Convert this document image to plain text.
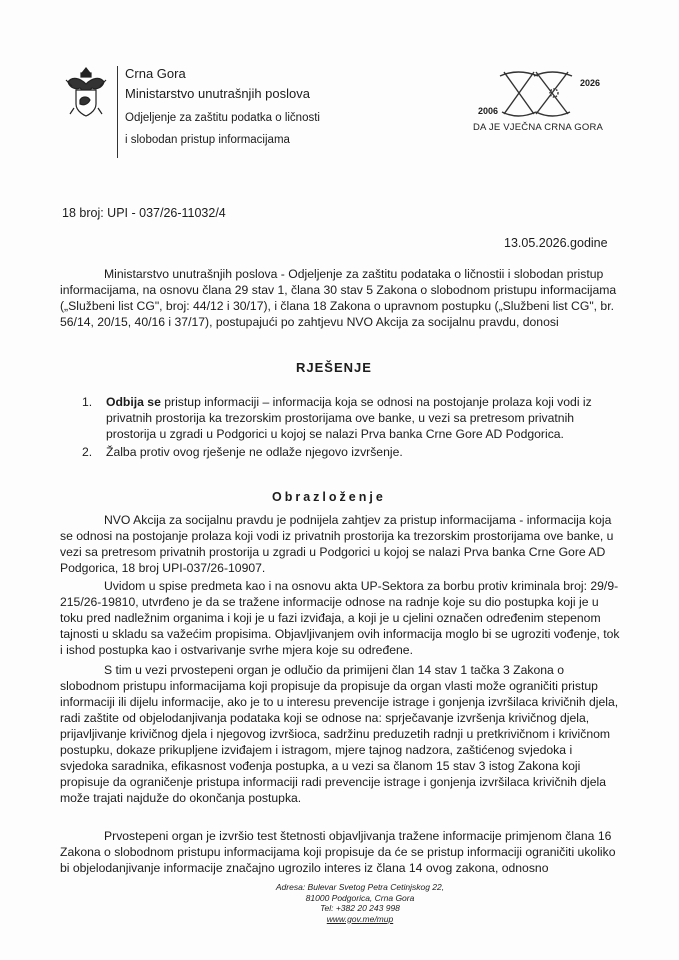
Crna Gora
Ministarstvo unutrašnjih poslova
Odjeljenje za zaštitu podatka o ličnosti
i slobodan pristup informacijama
2006
2026
DA JE VJEČNA CRNA GORA
18 broj: UPI - 037/26-11032/4
13.05.2026.godine
Ministarstvo unutrašnjih poslova - Odjeljenje za zaštitu podataka o ličnostii i slobodan pristup informacijama, na osnovu člana 29 stav 1, člana 30 stav 5 Zakona o slobodnom pristupu informacijama („Službeni list CG", broj: 44/12 i 30/17), i člana 18 Zakona o upravnom postupku („Službeni list CG", br. 56/14, 20/15, 40/16 i 37/17), postupajući po zahtjevu NVO Akcija za socijalnu pravdu, donosi
RJEŠENJE
1. Odbija se pristup informaciji – informacija koja se odnosi na postojanje prolaza koji vodi iz privatnih prostorija ka trezorskim prostorijama ove banke, u vezi sa pretresom privatnih prostorija u zgradi u Podgorici u kojoj se nalazi Prva banka Crne Gore AD Podgorica.
2. Žalba protiv ovog rješenje ne odlaže njegovo izvršenje.
Obrazloženje
NVO Akcija za socijalnu pravdu je podnijela zahtjev za pristup informacijama - informacija koja se odnosi na postojanje prolaza koji vodi iz privatnih prostorija ka trezorskim prostorijama ove banke, u vezi sa pretresom privatnih prostorija u zgradi u Podgorici u kojoj se nalazi Prva banka Crne Gore AD Podgorica, 18 broj UPI-037/26-10907.
Uvidom u spise predmeta kao i na osnovu akta UP-Sektora za borbu protiv kriminala broj: 29/9-215/26-19810, utvrđeno je da se tražene informacije odnose na radnje koje su dio postupka koji je u toku pred nadležnim organima i koji je u fazi izviđaja, a koji je u cjelini označen određenim stepenom tajnosti u skladu sa važećim propisima. Objavljivanjem ovih informacija moglo bi se ugroziti vođenje, tok i ishod postupka kao i ostvarivanje svrhe mjera koje su određene.
S tim u vezi prvostepeni organ je odlučio da primijeni član 14 stav 1 tačka 3 Zakona o slobodnom pristupu informacijama koji propisuje da propisuje da organ vlasti može ograničiti pristup informaciji ili dijelu informacije, ako je to u interesu prevencije istrage i gonjenja izvršilaca krivičnih djela, radi zaštite od objelodanjivanja podataka koji se odnose na: sprječavanje izvršenja krivičnog djela, prijavljivanje krivičnog djela i njegovog izvršioca, sadržinu preduzetih radnji u pretkrivičnom i krivičnom postupku, dokaze prikupljene izviđajem i istragom, mjere tajnog nadzora, zaštićenog svjedoka i svjedoka saradnika, efikasnost vođenja postupka, a u vezi sa članom 15 stav 3 istog Zakona koji propisuje da ograničenje pristupa informaciji radi prevencije istrage i gonjenja izvršilaca krivičnih djela može trajati najduže do okončanja postupka.
Prvostepeni organ je izvršio test štetnosti objavljivanja tražene informacije primjenom člana 16 Zakona o slobodnom pristupu informacijama koji propisuje da će se pristup informaciji ograničiti ukoliko bi objelodanjivanje informacije značajno ugrozilo interes iz člana 14 ovog zakona, odnosno
Adresa: Bulevar Svetog Petra Cetinjskog 22,
81000 Podgorica, Crna Gora
Tel: +382 20 243 998
www.gov.me/mup
